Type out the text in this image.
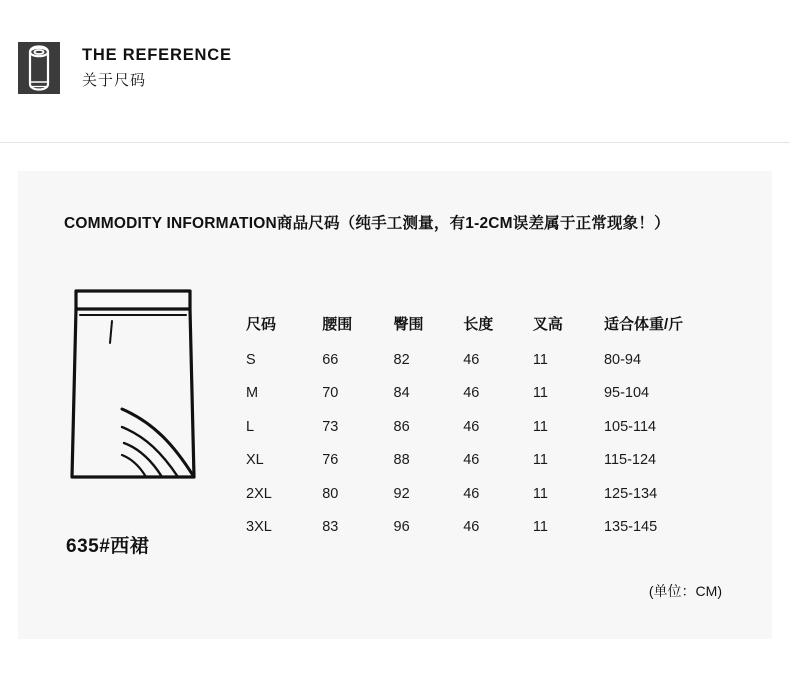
THE REFERENCE
关于尺码
COMMODITY INFORMATION商品尺码（纯手工测量，有1-2CM误差属于正常现象！）
635#西裙
尺码	腰围	臀围	长度	叉高	适合体重/斤
S	66	82	46	11	80-94
M	70	84	46	11	95-104
L	73	86	46	11	105-114
XL	76	88	46	11	115-124
2XL	80	92	46	11	125-134
3XL	83	96	46	11	135-145
(单位：CM)
